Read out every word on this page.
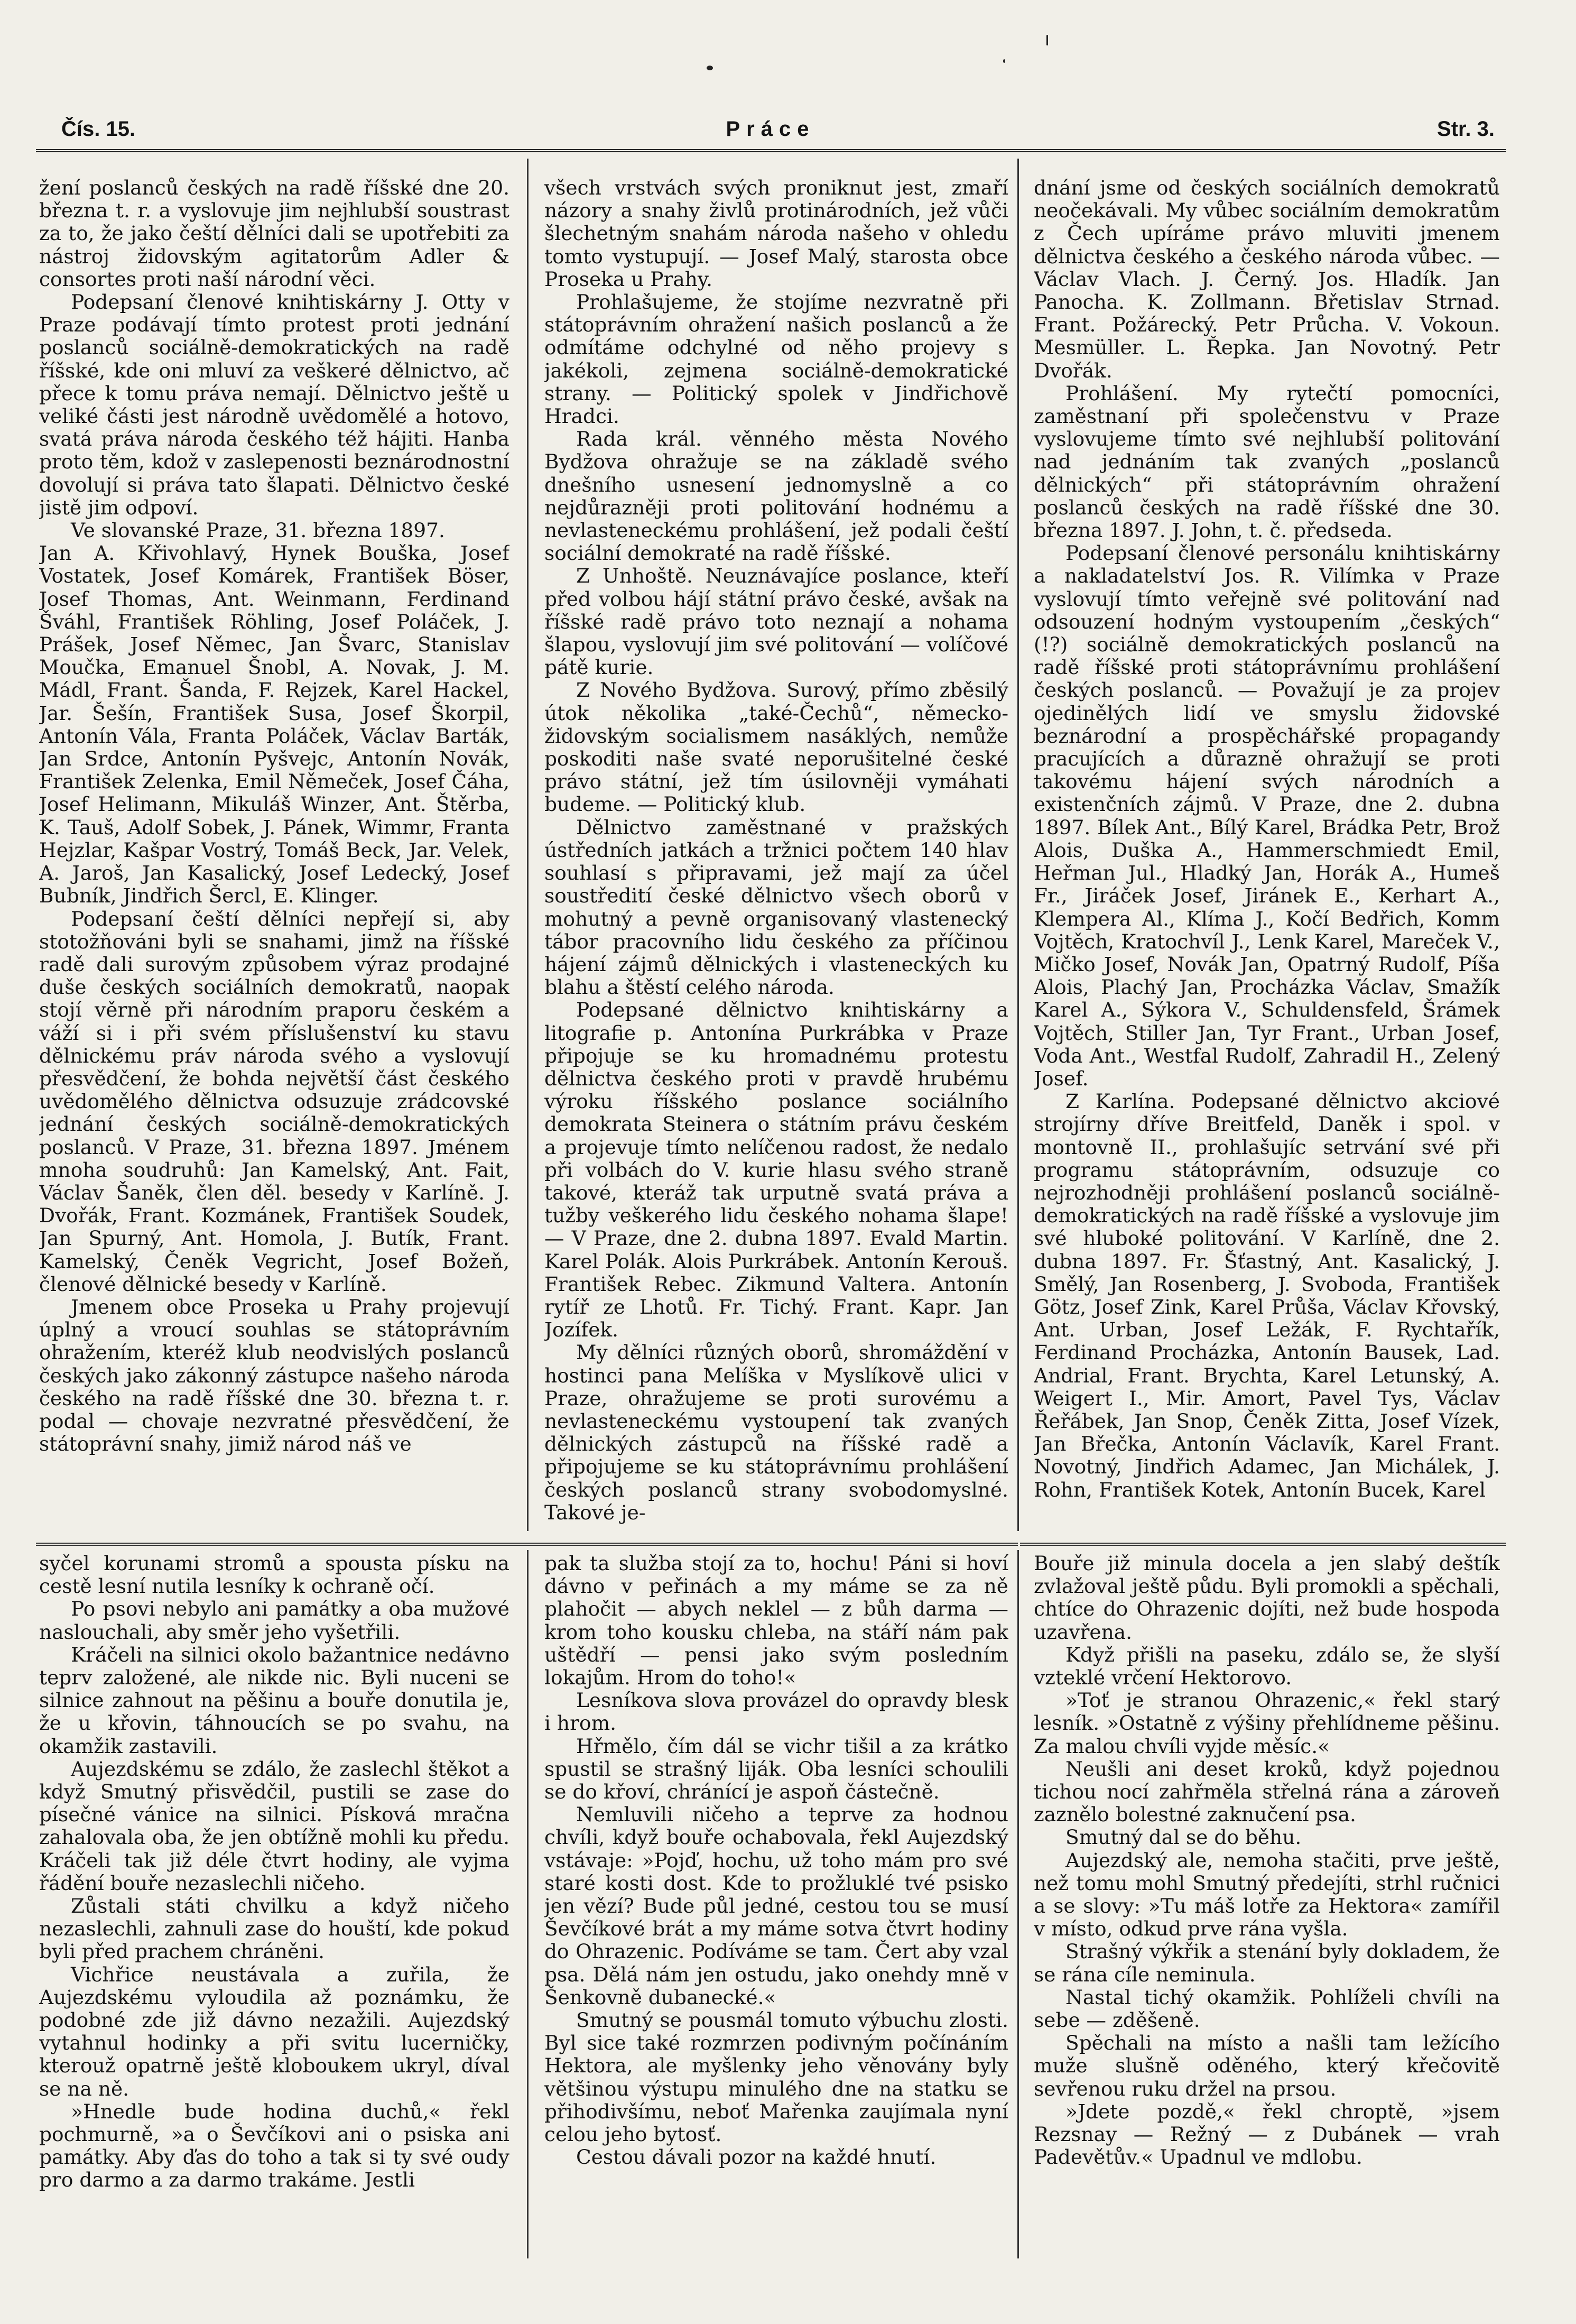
Čís. 15.	Práce	Str. 3.

žení poslanců českých na radě říšské dne 20. března t. r. a vyslovuje jim nejhlubší soustrast za to, že jako čeští dělníci dali se upotřebiti za nástroj židovským agitatorům Adler & consortes proti naší národní věci.

Podepsaní členové knihtiskárny J. Otty v Praze podávají tímto protest proti jednání poslanců sociálně-demokratických na radě říšské, kde oni mluví za veškeré dělnictvo, ač přece k tomu práva nemají. Dělnictvo ještě u veliké části jest národně uvědomělé a hotovo, svatá práva národa českého též hájiti. Hanba proto těm, kdož v zaslepenosti beznárodnostní dovolují si práva tato šlapati. Dělnictvo české jistě jim odpoví.

Ve slovanské Praze, 31. března 1897.

Jan A. Křivohlavý, Hynek Bouška, Josef Vostatek, Josef Komárek, František Böser, Josef Thomas, Ant. Weinmann, Ferdinand Šváhl, František Röhling, Josef Poláček, J. Prášek, Josef Němec, Jan Švarc, Stanislav Moučka, Emanuel Šnobl, A. Novak, J. M. Mádl, Frant. Šanda, F. Rejzek, Karel Hackel, Jar. Šešín, František Susa, Josef Škorpil, Antonín Vála, Franta Poláček, Václav Barták, Jan Srdce, Antonín Pyšvejc, Antonín Novák, František Zelenka, Emil Němeček, Josef Čáha, Josef Helimann, Mikuláš Winzer, Ant. Štěrba, K. Tauš, Adolf Sobek, J. Pánek, Wimmr, Franta Hejzlar, Kašpar Vostrý, Tomáš Beck, Jar. Velek, A. Jaroš, Jan Kasalický, Josef Ledecký, Josef Bubník, Jindřich Šercl, E. Klinger.

Podepsaní čeští dělníci nepřejí si, aby stotožňováni byli se snahami, jimž na říšské radě dali surovým způsobem výraz prodajné duše českých sociálních demokratů, naopak stojí věrně při národním praporu českém a váží si i při svém příslušenství ku stavu dělnickému práv národa svého a vyslovují přesvědčení, že bohda největší část českého uvědomělého dělnictva odsuzuje zrádcovské jednání českých sociálně-demokratických poslanců. V Praze, 31. března 1897. Jménem mnoha soudruhů: Jan Kamelský, Ant. Fait, Václav Šaněk, člen děl. besedy v Karlíně. J. Dvořák, Frant. Kozmánek, František Soudek, Jan Spurný, Ant. Homola, J. Butík, Frant. Kamelský, Čeněk Vegricht, Josef Božeň, členové dělnické besedy v Karlíně.

Jmenem obce Proseka u Prahy projevují úplný a vroucí souhlas se státoprávním ohražením, kteréž klub neodvislých poslanců českých jako zákonný zástupce našeho národa českého na radě říšské dne 30. března t. r. podal — chovaje nezvratné přesvědčení, že státoprávní snahy, jimiž národ náš ve

všech vrstvách svých proniknut jest, zmaří názory a snahy živlů protinárodních, jež vůči šlechetným snahám národa našeho v ohledu tomto vystupují. — Josef Malý, starosta obce Proseka u Prahy.

Prohlašujeme, že stojíme nezvratně při státoprávním ohražení našich poslanců a že odmítáme odchylné od něho projevy s jakékoli, zejmena sociálně-demokratické strany. — Politický spolek v Jindřichově Hradci.

Rada král. věnného města Nového Bydžova ohražuje se na základě svého dnešního usnesení jednomyslně a co nejdůrazněji proti politování hodnému a nevlasteneckému prohlášení, jež podali čeští sociální demokraté na radě říšské.

Z Unhoště. Neuznávajíce poslance, kteří před volbou hájí státní právo české, avšak na říšské radě právo toto neznají a nohama šlapou, vyslovují jim své politování — volíčové pátě kurie.

Z Nového Bydžova. Surový, přímo zběsilý útok několika „také-Čechů“, německo-židovským socialismem nasáklých, nemůže poskoditi naše svaté neporušitelné české právo státní, jež tím úsilovněji vymáhati budeme. — Politický klub.

Dělnictvo zaměstnané v pražských ústředních jatkách a tržnici počtem 140 hlav souhlasí s připravami, jež mají za účel soustředití české dělnictvo všech oborů v mohutný a pevně organisovaný vlastenecký tábor pracovního lidu českého za příčinou hájení zájmů dělnických i vlasteneckých ku blahu a štěstí celého národa.

Podepsané dělnictvo knihtiskárny a litografie p. Antonína Purkrábka v Praze připojuje se ku hromadnému protestu dělnictva českého proti v pravdě hrubému výroku říšského poslance sociálního demokrata Steinera o státním právu českém a projevuje tímto nelíčenou radost, že nedalo při volbách do V. kurie hlasu svého straně takové, kteráž tak urputně svatá práva a tužby veškerého lidu českého nohama šlape! — V Praze, dne 2. dubna 1897. Evald Martin. Karel Polák. Alois Purkrábek. Antonín Kerouš. František Rebec. Zikmund Valtera. Antonín rytíř ze Lhotů. Fr. Tichý. Frant. Kapr. Jan Jozífek.

My dělníci různých oborů, shromáždění v hostinci pana Melíška v Myslíkově ulici v Praze, ohražujeme se proti surovému a nevlasteneckému vystoupení tak zvaných dělnických zástupců na říšské radě a připojujeme se ku státoprávnímu prohlášení českých poslanců strany svobodomyslné. Takové je-

dnání jsme od českých sociálních demokratů neočekávali. My vůbec sociálním demokratům z Čech upíráme právo mluviti jmenem dělnictva českého a českého národa vůbec. — Václav Vlach. J. Černý. Jos. Hladík. Jan Panocha. K. Zollmann. Břetislav Strnad. Frant. Požárecký. Petr Průcha. V. Vokoun. Mesmüller. L. Řepka. Jan Novotný. Petr Dvořák.

Prohlášení. My rytečtí pomocníci, zaměstnaní při společenstvu v Praze vyslovujeme tímto své nejhlubší politování nad jednáním tak zvaných „poslanců dělnických“ při státoprávním ohražení poslanců českých na radě říšské dne 30. března 1897. J. John, t. č. předseda.

Podepsaní členové personálu knihtiskárny a nakladatelství Jos. R. Vilímka v Praze vyslovují tímto veřejně své politování nad odsouzení hodným vystoupením „českých“ (!?) sociálně demokratických poslanců na radě říšské proti státoprávnímu prohlášení českých poslanců. — Považují je za projev ojedinělých lidí ve smyslu židovské beznárodní a prospěchářské propagandy pracujících a důrazně ohražují se proti takovému hájení svých národních a existenčních zájmů. V Praze, dne 2. dubna 1897. Bílek Ant., Bílý Karel, Brádka Petr, Brož Alois, Duška A., Hammerschmiedt Emil, Heřman Jul., Hladký Jan, Horák A., Humeš Fr., Jiráček Josef, Jiránek E., Kerhart A., Klempera Al., Klíma J., Kočí Bedřich, Komm Vojtěch, Kratochvíl J., Lenk Karel, Mareček V., Mičko Josef, Novák Jan, Opatrný Rudolf, Píša Alois, Plachý Jan, Procházka Václav, Smažík Karel A., Sýkora V., Schuldensfeld, Šrámek Vojtěch, Stiller Jan, Tyr Frant., Urban Josef, Voda Ant., Westfal Rudolf, Zahradil H., Zelený Josef.

Z Karlína. Podepsané dělnictvo akciové strojírny dříve Breitfeld, Daněk i spol. v montovně II., prohlašujíc setrvání své při programu státoprávním, odsuzuje co nejrozhodněji prohlášení poslanců sociálně-demokratických na radě říšské a vyslovuje jim své hluboké politování. V Karlíně, dne 2. dubna 1897. Fr. Šťastný, Ant. Kasalický, J. Smělý, Jan Rosenberg, J. Svoboda, František Götz, Josef Zink, Karel Průša, Václav Křovský, Ant. Urban, Josef Ležák, F. Rychtařík, Ferdinand Procházka, Antonín Bausek, Lad. Andrial, Frant. Brychta, Karel Letunský, A. Weigert I., Mir. Amort, Pavel Tys, Václav Řeřábek, Jan Snop, Čeněk Zitta, Josef Vízek, Jan Břečka, Antonín Václavík, Karel Frant. Novotný, Jindřich Adamec, Jan Michálek, J. Rohn, František Kotek, Antonín Bucek, Karel

syčel korunami stromů a spousta písku na cestě lesní nutila lesníky k ochraně očí.

Po psovi nebylo ani památky a oba mužové naslouchali, aby směr jeho vyšetřili.

Kráčeli na silnici okolo bažantnice nedávno teprv založené, ale nikde nic. Byli nuceni se silnice zahnout na pěšinu a bouře donutila je, že u křovin, táhnoucích se po svahu, na okamžik zastavili.

Aujezdskému se zdálo, že zaslechl štěkot a když Smutný přisvědčil, pustili se zase do písečné vánice na silnici. Písková mračna zahalovala oba, že jen obtížně mohli ku předu. Kráčeli tak již déle čtvrt hodiny, ale vyjma řádění bouře nezaslechli ničeho.

Zůstali státi chvilku a když ničeho nezaslechli, zahnuli zase do houští, kde pokud byli před prachem chráněni.

Vichřice neustávala a zuřila, že Aujezdskému vyloudila až poznámku, že podobné zde již dávno nezažili. Aujezdský vytahnul hodinky a při svitu lucerničky, kterouž opatrně ještě kloboukem ukryl, díval se na ně.

»Hnedle bude hodina duchů,« řekl pochmurně, »a o Ševčíkovi ani o psiska ani památky. Aby ďas do toho a tak si ty své oudy pro darmo a za darmo trakáme. Jestli

pak ta služba stojí za to, hochu! Páni si hoví dávno v peřinách a my máme se za ně plahočit — abych neklel — z bůh darma — krom toho kousku chleba, na stáří nám pak uštědří — pensi jako svým posledním lokajům. Hrom do toho!«

Lesníkova slova provázel do opravdy blesk i hrom.

Hřmělo, čím dál se vichr tišil a za krátko spustil se strašný liják. Oba lesníci schoulili se do křoví, chránící je aspoň částečně.

Nemluvili ničeho a teprve za hodnou chvíli, když bouře ochabovala, řekl Aujezdský vstávaje: »Pojď, hochu, už toho mám pro své staré kosti dost. Kde to prožluklé tvé psisko jen vězí? Bude půl jedné, cestou tou se musí Ševčíkové brát a my máme sotva čtvrt hodiny do Ohrazenic. Podíváme se tam. Čert aby vzal psa. Dělá nám jen ostudu, jako onehdy mně v Šenkovně dubanecké.«

Smutný se pousmál tomuto výbuchu zlosti. Byl sice také rozmrzen podivným počínáním Hektora, ale myšlenky jeho věnovány byly většinou výstupu minulého dne na statku se přihodivšímu, neboť Mařenka zaujímala nyní celou jeho bytosť.

Cestou dávali pozor na každé hnutí.

Bouře již minula docela a jen slabý deštík zvlažoval ještě půdu. Byli promokli a spěchali, chtíce do Ohrazenic dojíti, než bude hospoda uzavřena.

Když přišli na paseku, zdálo se, že slyší vzteklé vrčení Hektorovo.

»Toť je stranou Ohrazenic,« řekl starý lesník. »Ostatně z výšiny přehlídneme pěšinu. Za malou chvíli vyjde měsíc.«

Neušli ani deset kroků, když pojednou tichou nocí zahřměla střelná rána a zároveň zaznělo bolestné zaknučení psa.

Smutný dal se do běhu.

Aujezdský ale, nemoha stačiti, prve ještě, než tomu mohl Smutný předejíti, strhl ručnici a se slovy: »Tu máš lotře za Hektora« zamířil v místo, odkud prve rána vyšla.

Strašný výkřik a stenání byly dokladem, že se rána cíle neminula.

Nastal tichý okamžik. Pohlíželi chvíli na sebe — zděšeně.

Spěchali na místo a našli tam ležícího muže slušně oděného, který křečovitě sevřenou ruku držel na prsou.

»Jdete pozdě,« řekl chroptě, »jsem Rezsnay — Režný — z Dubánek — vrah Padevětův.« Upadnul ve mdlobu.
